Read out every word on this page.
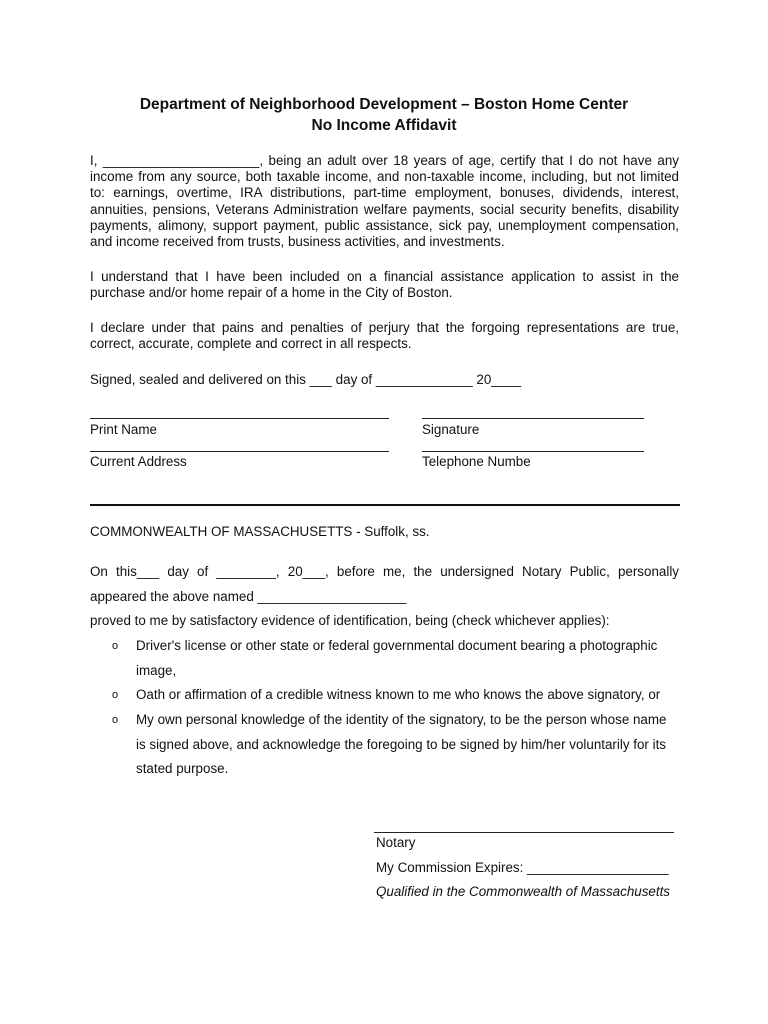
Department of Neighborhood Development – Boston Home Center
No Income Affidavit
I, _____________________, being an adult over 18 years of age, certify that I do not have any income from any source, both taxable income, and non-taxable income, including, but not limited to: earnings, overtime, IRA distributions, part-time employment, bonuses, dividends, interest, annuities, pensions, Veterans Administration welfare payments, social security benefits, disability payments, alimony, support payment, public assistance, sick pay, unemployment compensation, and income received from trusts, business activities, and investments.
I understand that I have been included on a financial assistance application to assist in the purchase and/or home repair of a home in the City of Boston.
I declare under that pains and penalties of perjury that the forgoing representations are true, correct, accurate, complete and correct in all respects.
Signed, sealed and delivered on this ___ day of _____________ 20____
Print Name	Signature
Current Address	Telephone Numbe
COMMONWEALTH OF MASSACHUSETTS - Suffolk, ss.
On this___ day of ________, 20___, before me, the undersigned Notary Public, personally
appeared the above named ____________________
proved to me by satisfactory evidence of identification, being (check whichever applies):
o Driver's license or other state or federal governmental document bearing a photographic
image,
o Oath or affirmation of a credible witness known to me who knows the above signatory, or
o My own personal knowledge of the identity of the signatory, to be the person whose name
is signed above, and acknowledge the foregoing to be signed by him/her voluntarily for its
stated purpose.
Notary
My Commission Expires: ___________________
Qualified in the Commonwealth of Massachusetts
